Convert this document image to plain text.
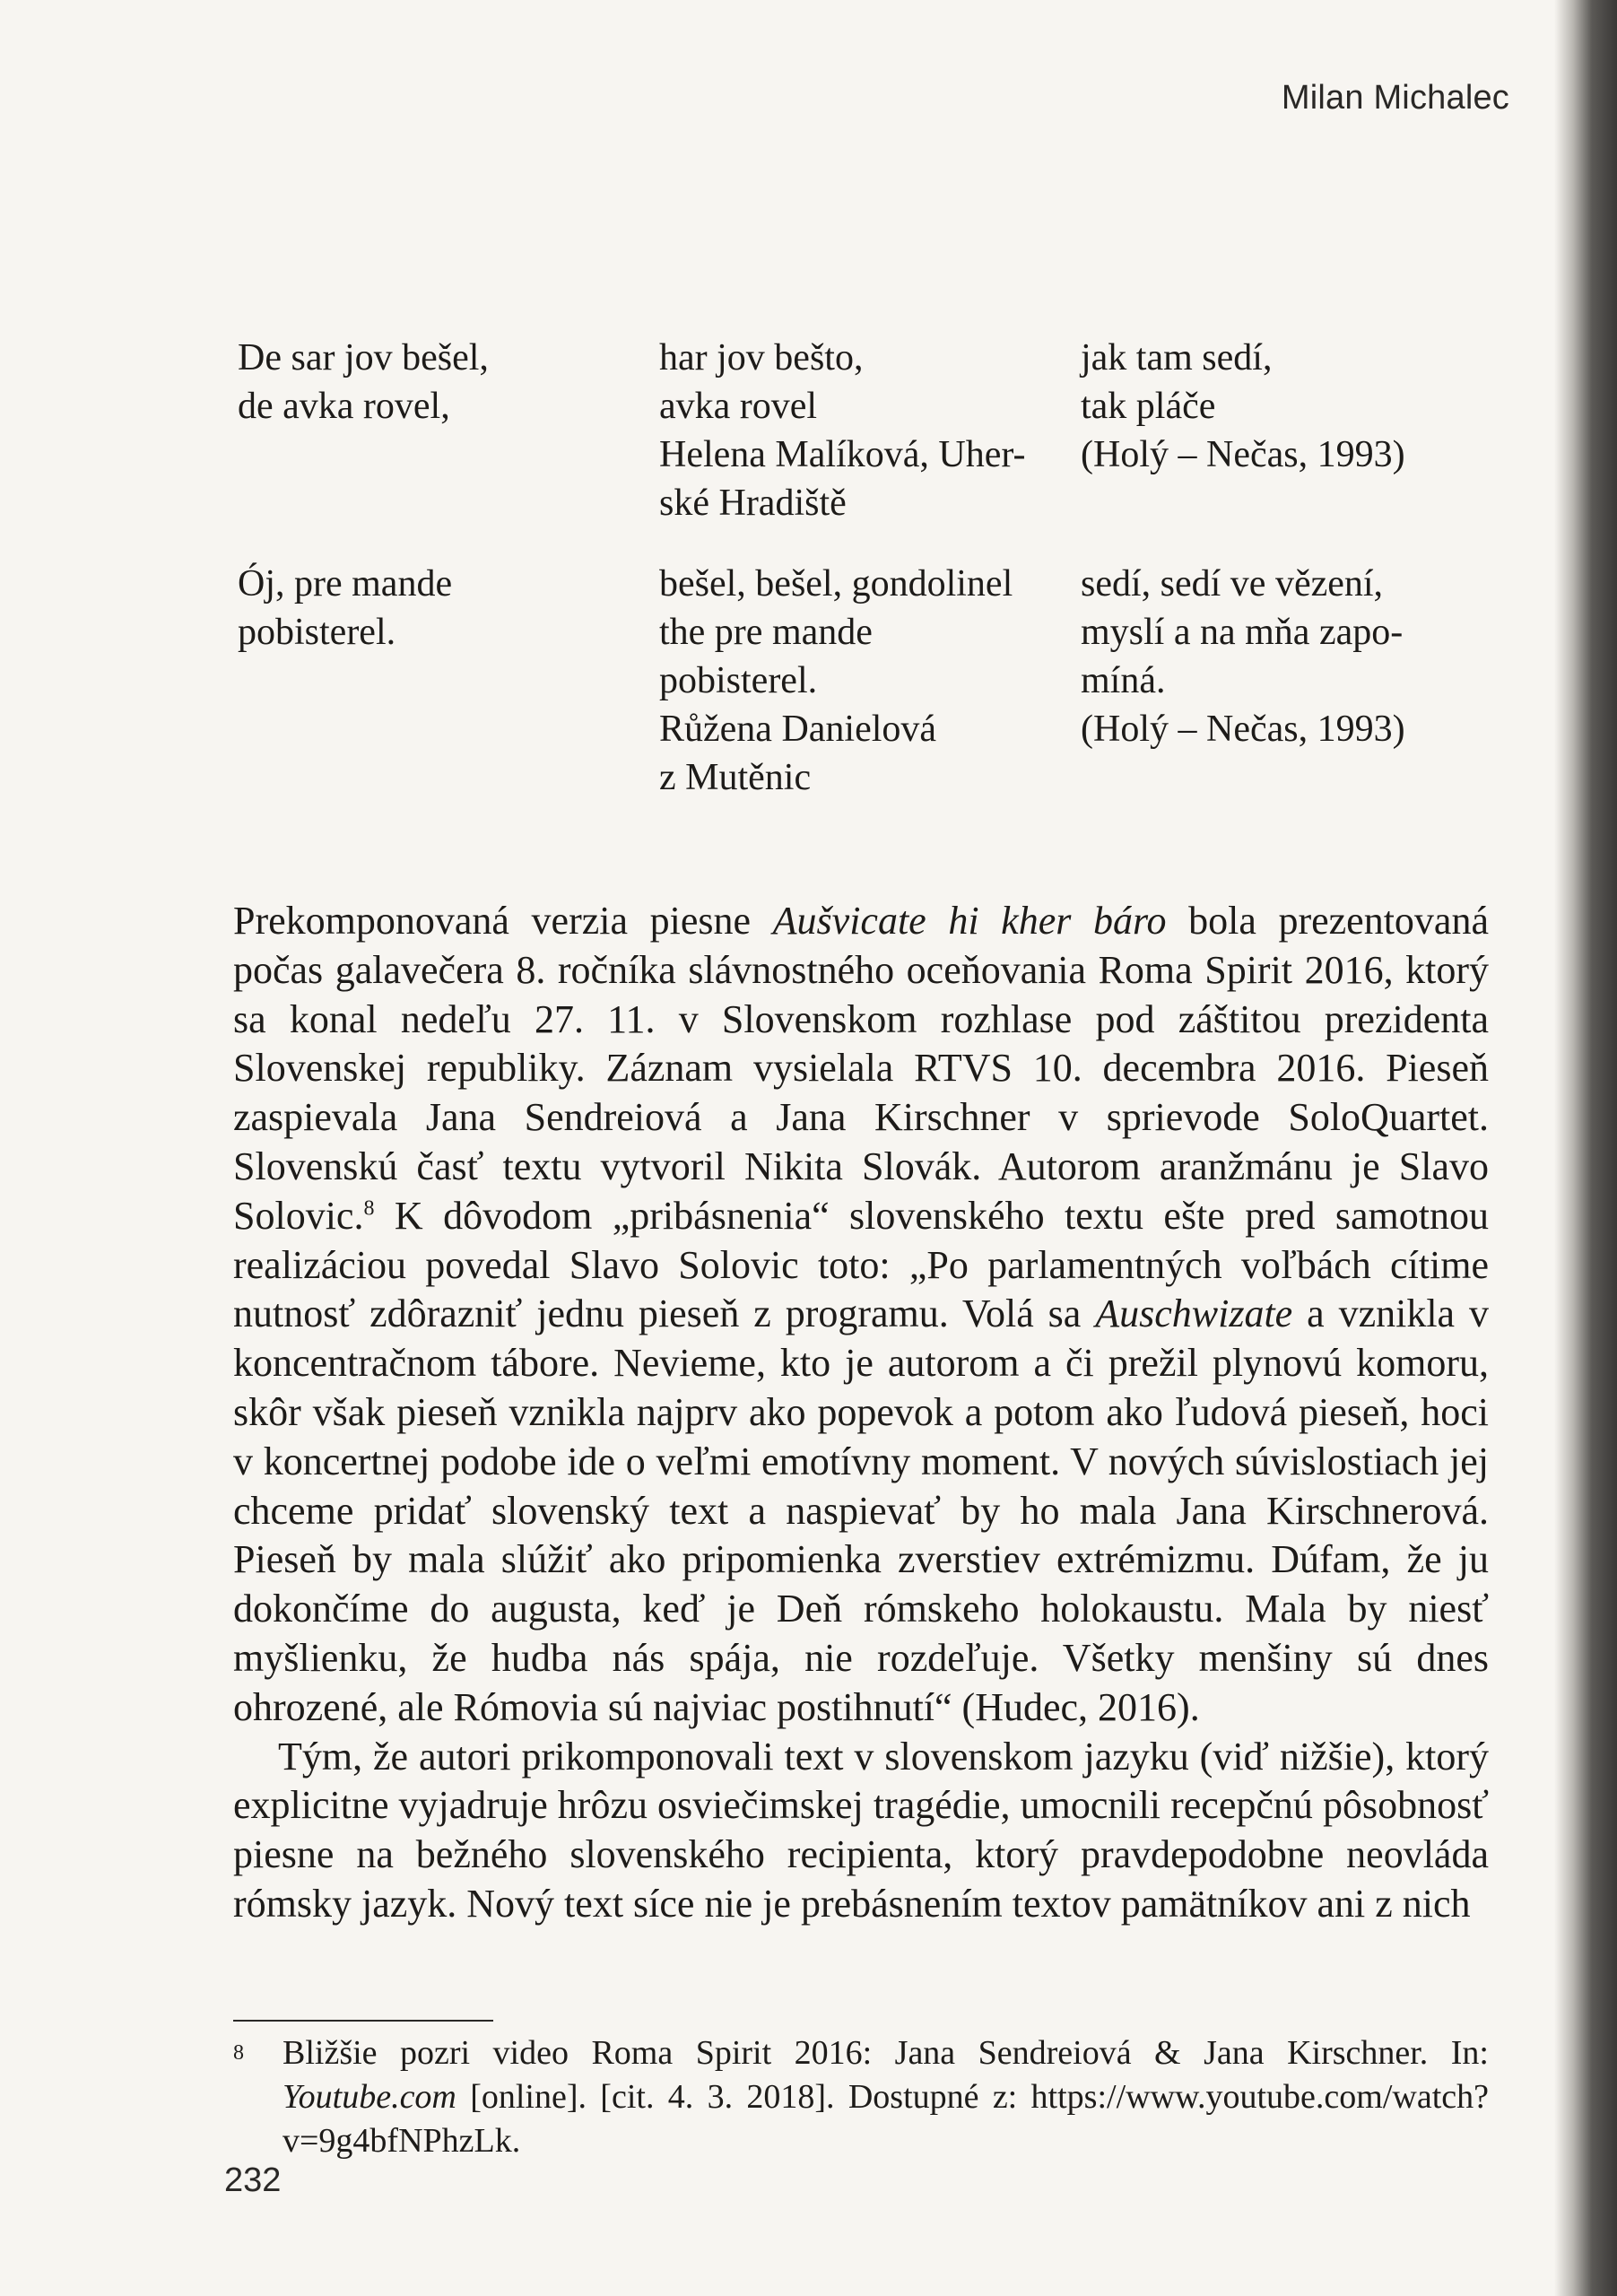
Milan Michalec
De sar jov bešel,
de avka rovel,
har jov bešto,
avka rovel
Helena Malíková, Uher-
ské Hradiště
jak tam sedí,
tak pláče
(Holý – Nečas, 1993)
Ój, pre mande
pobisterel.
bešel, bešel, gondolinel
the pre mande
pobisterel.
Růžena Danielová
z Mutěnic
sedí, sedí ve vězení,
myslí a na mňa zapo-
míná.
(Holý – Nečas, 1993)

Prekomponovaná verzia piesne Aušvicate hi kher báro bola prezentovaná počas galavečera 8. ročníka slávnostného oceňovania Roma Spirit 2016, ktorý sa konal nedeľu 27. 11. v Slovenskom rozhlase pod záštitou prezidenta Slovenskej republiky. Záznam vysielala RTVS 10. decembra 2016. Pieseň zaspievala Jana Sendreiová a Jana Kirschner v sprievode SoloQuartet. Slovenskú časť textu vytvoril Nikita Slovák. Autorom aranžmánu je Slavo Solovic.$^8$ K dôvodom „pribásnenia“ slovenského textu ešte pred samotnou realizáciou povedal Slavo Solovic toto: „Po parlamentných voľbách cítime nutnosť zdôrazniť jednu pieseň z programu. Volá sa Auschwizate a vznikla v koncentračnom tábore. Nevieme, kto je autorom a či prežil plynovú komoru, skôr však pieseň vznikla najprv ako popevok a potom ako ľudová pieseň, hoci v koncertnej podobe ide o veľmi emotívny moment. V nových súvislostiach jej chceme pridať slovenský text a naspievať by ho mala Jana Kirschnerová. Pieseň by mala slúžiť ako pripomienka zverstiev extrémizmu. Dúfam, že ju dokončíme do augusta, keď je Deň rómskeho holokaustu. Mala by niesť myšlienku, že hudba nás spája, nie rozdeľuje. Všetky menšiny sú dnes ohrozené, ale Rómovia sú najviac postihnutí“ (Hudec, 2016).

Tým, že autori prikomponovali text v slovenskom jazyku (viď nižšie), ktorý explicitne vyjadruje hrôzu osviečimskej tragédie, umocnili recepčnú pôsobnosť piesne na bežného slovenského recipienta, ktorý pravdepodobne neovláda rómsky jazyk. Nový text síce nie je prebásnením textov pamätníkov ani z nich

8 Bližšie pozri video Roma Spirit 2016: Jana Sendreiová & Jana Kirschner. In: Youtube.com [online]. [cit. 4. 3. 2018]. Dostupné z: https://www.youtube.com/watch?v=9g4bfNPhzLk.
232
